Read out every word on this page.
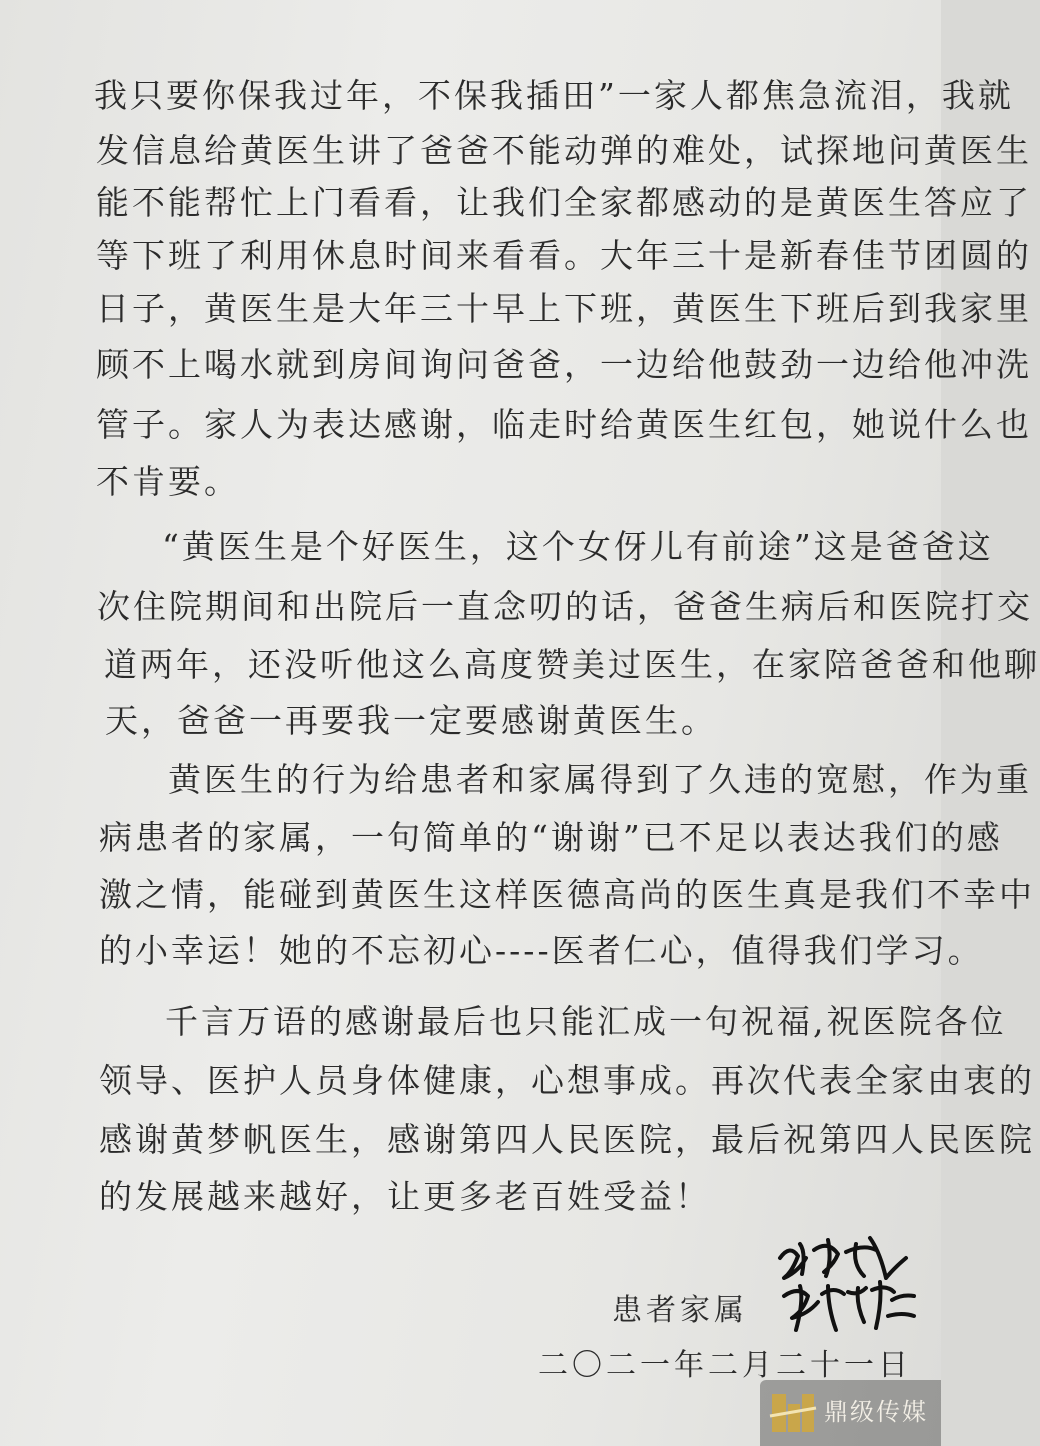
我只要你保我过年，不保我插田”一家人都焦急流泪，我就

发信息给黄医生讲了爸爸不能动弹的难处，试探地问黄医生

能不能帮忙上门看看，让我们全家都感动的是黄医生答应了

等下班了利用休息时间来看看。大年三十是新春佳节团圆的

日子，黄医生是大年三十早上下班，黄医生下班后到我家里

顾不上喝水就到房间询问爸爸，一边给他鼓劲一边给他冲洗

管子。家人为表达感谢，临走时给黄医生红包，她说什么也

不肯要。

“黄医生是个好医生，这个女伢儿有前途”这是爸爸这

次住院期间和出院后一直念叨的话，爸爸生病后和医院打交

道两年，还没听他这么高度赞美过医生，在家陪爸爸和他聊

天，爸爸一再要我一定要感谢黄医生。

黄医生的行为给患者和家属得到了久违的宽慰，作为重

病患者的家属，一句简单的“谢谢”已不足以表达我们的感

激之情，能碰到黄医生这样医德高尚的医生真是我们不幸中

的小幸运！她的不忘初心----医者仁心，值得我们学习。

千言万语的感谢最后也只能汇成一句祝福,祝医院各位

领导、医护人员身体健康，心想事成。再次代表全家由衷的

感谢黄梦帆医生，感谢第四人民医院，最后祝第四人民医院

的发展越来越好，让更多老百姓受益！

患者家属
二〇二一年二月二十一日
鼎级传媒
